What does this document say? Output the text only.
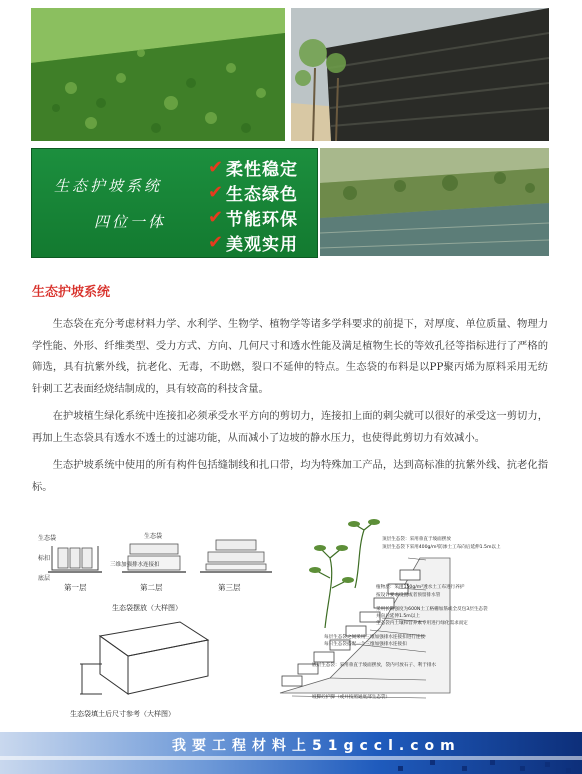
生态护坡系统
四位一体
✔ 柔性稳定
✔ 生态绿色
✔ 节能环保
✔ 美观实用
生态护坡系统

生态袋在充分考虑材料力学、水利学、生物学、植物学等诸多学科要求的前提下，对厚度、单位质量、物理力学性能、外形、纤维类型、受力方式、方向、几何尺寸和透水性能及满足植物生长的等效孔径等指标进行了严格的筛选，具有抗紫外线，抗老化、无毒，不助燃，裂口不延伸的特点。生态袋的布料是以PP聚丙烯为原料采用无纺针刺工艺表面经烧结制成的，具有较高的科技含量。

在护坡植生绿化系统中连接扣必须承受水平方向的剪切力，连接扣上面的刺尖就可以很好的承受这一剪切力，再加上生态袋具有透水不透土的过滤功能，从而减小了边坡的静水压力，也使得此剪切力有效减小。

生态护坡系统中使用的所有构件包括缝制线和扎口带，均为特殊加工产品，达到高标准的抗紫外线、抗老化指标。

生态袋
标扣
底层
第一层
生态袋
三维加强排水连接扣
第二层	第三层
生态袋摆放（大样图）
生态袋填土后尺寸参考（大样图）
顶层生态袋：采用垂直于坡面摆放
顶层生态袋下采用400g/m²防渗土工布向后延伸1.5m以上
植物层：采用150g/m²透水土工布进行养护
按设计要求设置或者预留排水管
采用长期强度为600N土工格栅加筋或全反包3层生态袋
并向后延伸1.5m以上
生态袋内土壤和营养素专用进行绿化需求而定
每层生态袋之间采用三维加强排水连接扣进行连接
每只生态袋搭配一个三维加强排水连接扣
底层生态袋：采用垂直于坡面摆放，袋内可放石子、利于排水
坡脚砼护脚（或并按照通底部生态袋）
我要工程材料上51gccl.com
